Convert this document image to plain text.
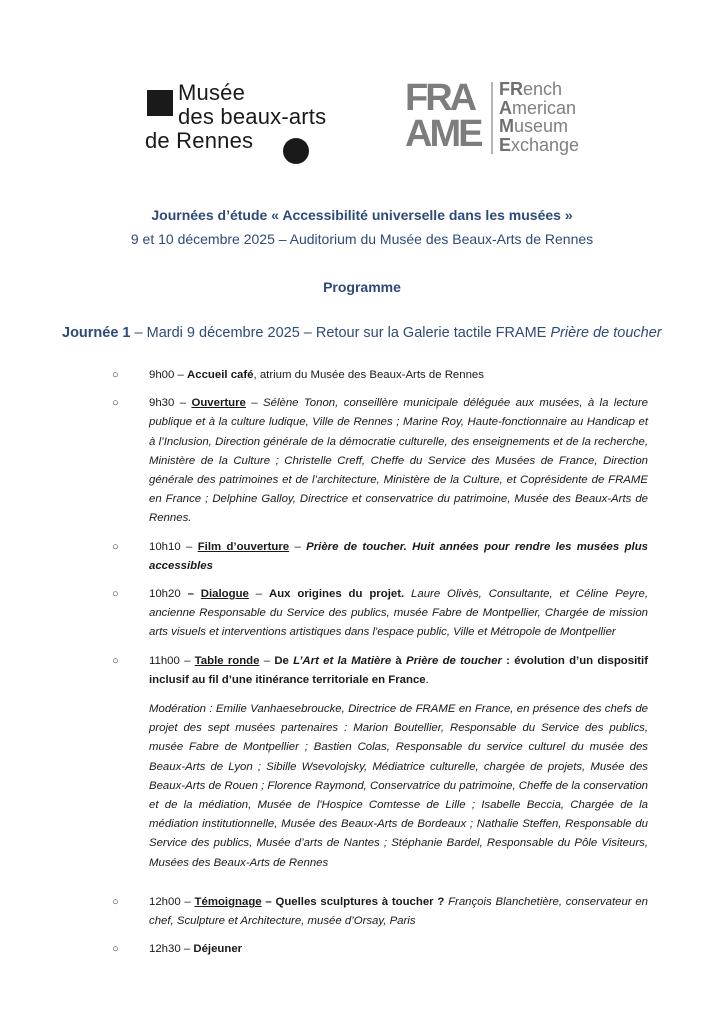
Musée
des beaux-arts
de Rennes
FRA
AME
FRench
American
Museum
Exchange
Journées d’étude « Accessibilité universelle dans les musées »
9 et 10 décembre 2025 – Auditorium du Musée des Beaux-Arts de Rennes
Programme
Journée 1 – Mardi 9 décembre 2025 – Retour sur la Galerie tactile FRAME Prière de toucher
○	9h00 – Accueil café, atrium du Musée des Beaux-Arts de Rennes
○	9h30 – Ouverture – Sélène Tonon, conseillère municipale déléguée aux musées, à la lecture publique et à la culture ludique, Ville de Rennes ; Marine Roy, Haute-fonctionnaire au Handicap et à l’Inclusion, Direction générale de la démocratie culturelle, des enseignements et de la recherche, Ministère de la Culture ; Christelle Creff, Cheffe du Service des Musées de France, Direction générale des patrimoines et de l’architecture, Ministère de la Culture, et Coprésidente de FRAME en France ; Delphine Galloy, Directrice et conservatrice du patrimoine, Musée des Beaux-Arts de Rennes.
○	10h10 – Film d’ouverture – Prière de toucher. Huit années pour rendre les musées plus accessibles
○	10h20 – Dialogue – Aux origines du projet. Laure Olivès, Consultante, et Céline Peyre, ancienne Responsable du Service des publics, musée Fabre de Montpellier, Chargée de mission arts visuels et interventions artistiques dans l'espace public, Ville et Métropole de Montpellier
○	11h00 – Table ronde – De L’Art et la Matière à Prière de toucher : évolution d’un dispositif inclusif au fil d’une itinérance territoriale en France.
Modération : Emilie Vanhaesebroucke, Directrice de FRAME en France, en présence des chefs de projet des sept musées partenaires : Marion Boutellier, Responsable du Service des publics, musée Fabre de Montpellier ; Bastien Colas, Responsable du service culturel du musée des Beaux-Arts de Lyon ; Sibille Wsevolojsky, Médiatrice culturelle, chargée de projets, Musée des Beaux-Arts de Rouen ; Florence Raymond, Conservatrice du patrimoine, Cheffe de la conservation et de la médiation, Musée de l'Hospice Comtesse de Lille ; Isabelle Beccia, Chargée de la médiation institutionnelle, Musée des Beaux-Arts de Bordeaux ; Nathalie Steffen, Responsable du Service des publics, Musée d’arts de Nantes ; Stéphanie Bardel, Responsable du Pôle Visiteurs, Musées des Beaux-Arts de Rennes
○	12h00 – Témoignage – Quelles sculptures à toucher ? François Blanchetière, conservateur en chef, Sculpture et Architecture, musée d’Orsay, Paris
○	12h30 – Déjeuner
